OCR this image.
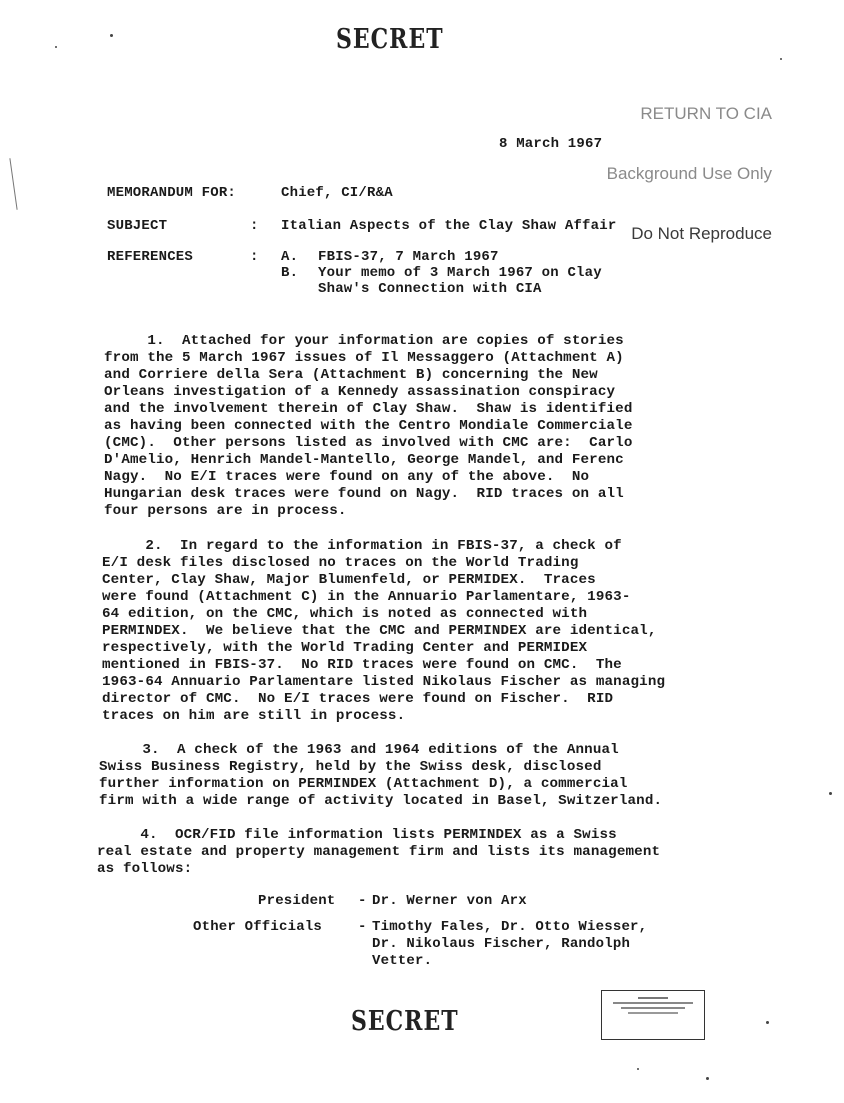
SECRET

RETURN TO CIA

Background Use Only

Do Not Reproduce

8 March 1967
MEMORANDUM FOR:	Chief, CI/R&A
SUBJECT	: Italian Aspects of the Clay Shaw Affair
REFERENCES	: A. FBIS-37, 7 March 1967
B. Your memo of 3 March 1967 on Clay
Shaw's Connection with CIA
1.  Attached for your information are copies of stories
from the 5 March 1967 issues of Il Messaggero (Attachment A)
and Corriere della Sera (Attachment B) concerning the New
Orleans investigation of a Kennedy assassination conspiracy
and the involvement therein of Clay Shaw.  Shaw is identified
as having been connected with the Centro Mondiale Commerciale
(CMC).  Other persons listed as involved with CMC are:  Carlo
D'Amelio, Henrich Mandel-Mantello, George Mandel, and Ferenc
Nagy.  No E/I traces were found on any of the above.  No
Hungarian desk traces were found on Nagy.  RID traces on all
four persons are in process.
2.  In regard to the information in FBIS-37, a check of
E/I desk files disclosed no traces on the World Trading
Center, Clay Shaw, Major Blumenfeld, or PERMIDEX.  Traces
were found (Attachment C) in the Annuario Parlamentare, 1963-
64 edition, on the CMC, which is noted as connected with
PERMINDEX.  We believe that the CMC and PERMINDEX are identical,
respectively, with the World Trading Center and PERMIDEX
mentioned in FBIS-37.  No RID traces were found on CMC.  The
1963-64 Annuario Parlamentare listed Nikolaus Fischer as managing
director of CMC.  No E/I traces were found on Fischer.  RID
traces on him are still in process.
3.  A check of the 1963 and 1964 editions of the Annual
Swiss Business Registry, held by the Swiss desk, disclosed
further information on PERMINDEX (Attachment D), a commercial
firm with a wide range of activity located in Basel, Switzerland.
4.  OCR/FID file information lists PERMINDEX as a Swiss
real estate and property management firm and lists its management
as follows:
President - Dr. Werner von Arx
Other Officials	- Timothy Fales, Dr. Otto Wiesser,
Dr. Nikolaus Fischer, Randolph
Vetter.
SECRET
